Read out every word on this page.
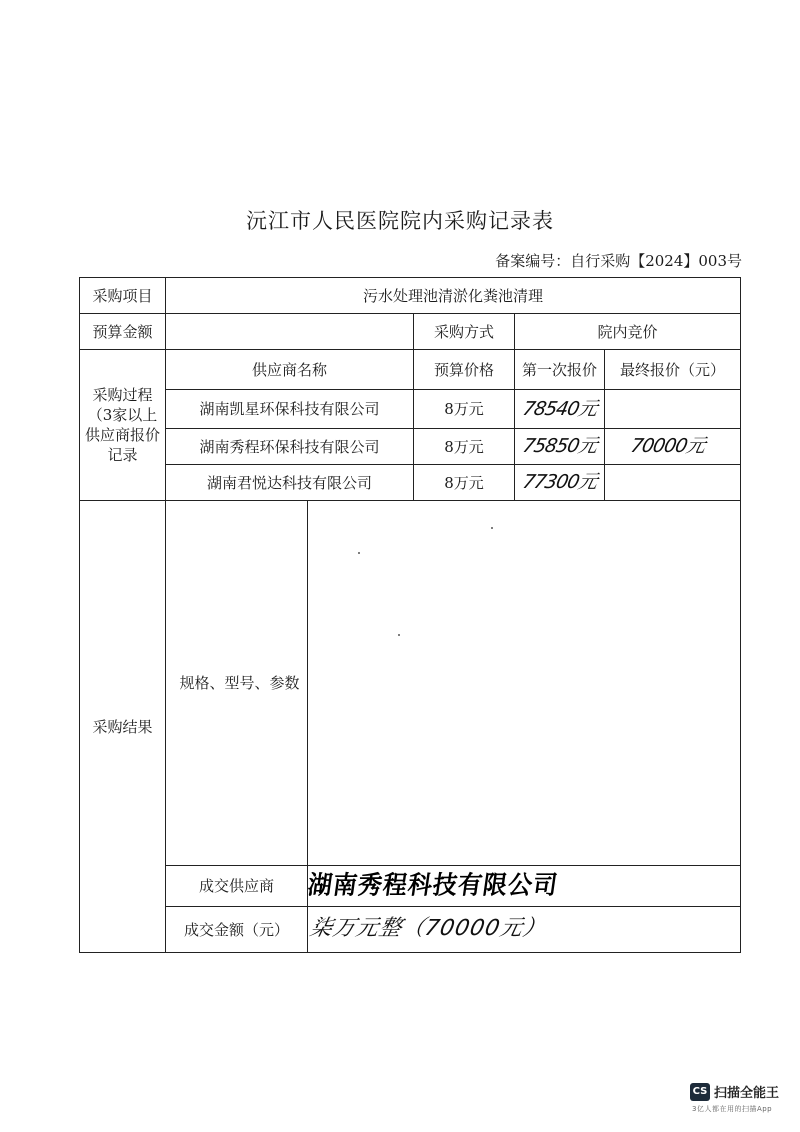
沅江市人民医院院内采购记录表
备案编号：自行采购【2024】003号
采购项目	污水处理池清淤化粪池清理				
预算金额			采购方式	院内竞价	
采购过程（3家以上供应商报价记录	供应商名称		预算价格	第一次报价	最终报价（元）
	湖南凯星环保科技有限公司		8万元	78540元	
	湖南秀程环保科技有限公司		8万元	75850元	70000元
	湖南君悦达科技有限公司		8万元	77300元	
采购结果	规格、型号、参数				
	成交供应商	湖南秀程科技有限公司			
	成交金额（元）	柒万元整（70000元）			
CS 扫描全能王
3亿人都在用的扫描App
